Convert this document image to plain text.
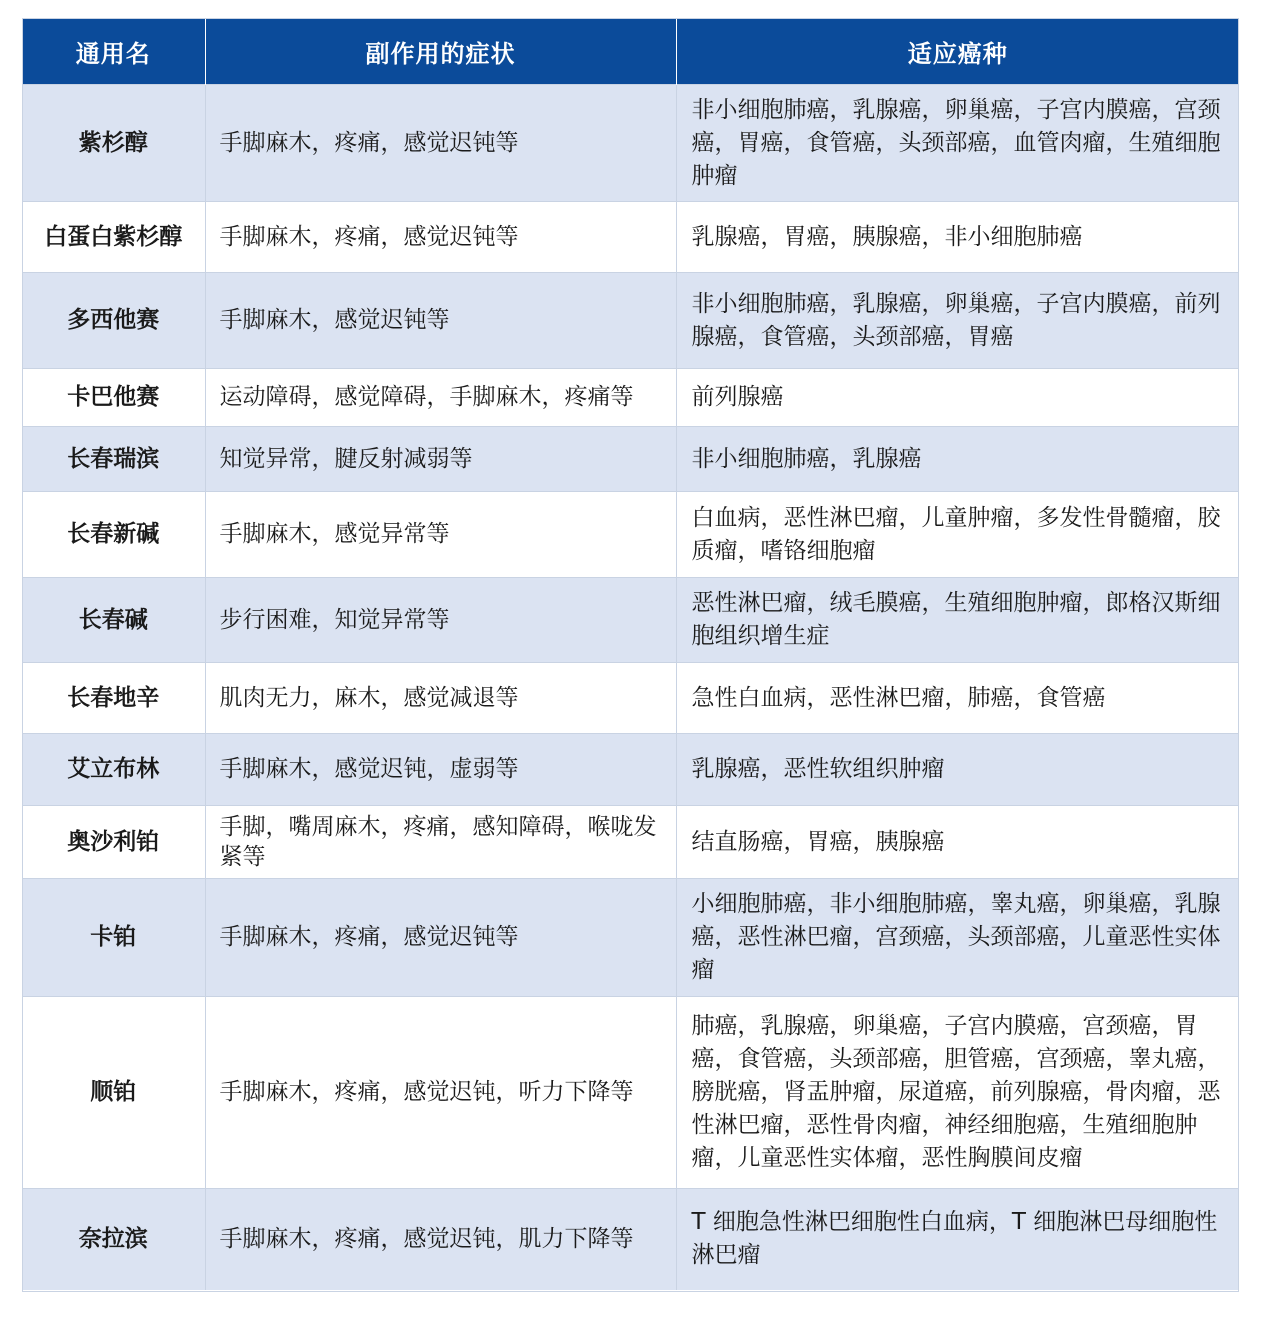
通用名	副作用的症状	适应癌种
紫杉醇	手脚麻木，疼痛，感觉迟钝等	非小细胞肺癌，乳腺癌，卵巢癌，子宫内膜癌，宫颈癌，胃癌，食管癌，头颈部癌，血管肉瘤，生殖细胞肿瘤
白蛋白紫杉醇	手脚麻木，疼痛，感觉迟钝等	乳腺癌，胃癌，胰腺癌，非小细胞肺癌
多西他赛	手脚麻木，感觉迟钝等	非小细胞肺癌，乳腺癌，卵巢癌，子宫内膜癌，前列腺癌，食管癌，头颈部癌，胃癌
卡巴他赛	运动障碍，感觉障碍，手脚麻木，疼痛等	前列腺癌
长春瑞滨	知觉异常，腱反射减弱等	非小细胞肺癌，乳腺癌
长春新碱	手脚麻木，感觉异常等	白血病，恶性淋巴瘤，儿童肿瘤，多发性骨髓瘤，胶质瘤，嗜铬细胞瘤
长春碱	步行困难，知觉异常等	恶性淋巴瘤，绒毛膜癌，生殖细胞肿瘤，郎格汉斯细胞组织增生症
长春地辛	肌肉无力，麻木，感觉减退等	急性白血病，恶性淋巴瘤，肺癌，食管癌
艾立布林	手脚麻木，感觉迟钝，虚弱等	乳腺癌，恶性软组织肿瘤
奥沙利铂	手脚，嘴周麻木，疼痛，感知障碍，喉咙发紧等	结直肠癌，胃癌，胰腺癌
卡铂	手脚麻木，疼痛，感觉迟钝等	小细胞肺癌，非小细胞肺癌，睾丸癌，卵巢癌，乳腺癌，恶性淋巴瘤，宫颈癌，头颈部癌，儿童恶性实体瘤
顺铂	手脚麻木，疼痛，感觉迟钝，听力下降等	肺癌，乳腺癌，卵巢癌，子宫内膜癌，宫颈癌，胃癌，食管癌，头颈部癌，胆管癌，宫颈癌，睾丸癌，膀胱癌，肾盂肿瘤，尿道癌，前列腺癌，骨肉瘤，恶性淋巴瘤，恶性骨肉瘤，神经细胞癌，生殖细胞肿瘤，儿童恶性实体瘤，恶性胸膜间皮瘤
奈拉滨	手脚麻木，疼痛，感觉迟钝，肌力下降等	T 细胞急性淋巴细胞性白血病，T 细胞淋巴母细胞性淋巴瘤
